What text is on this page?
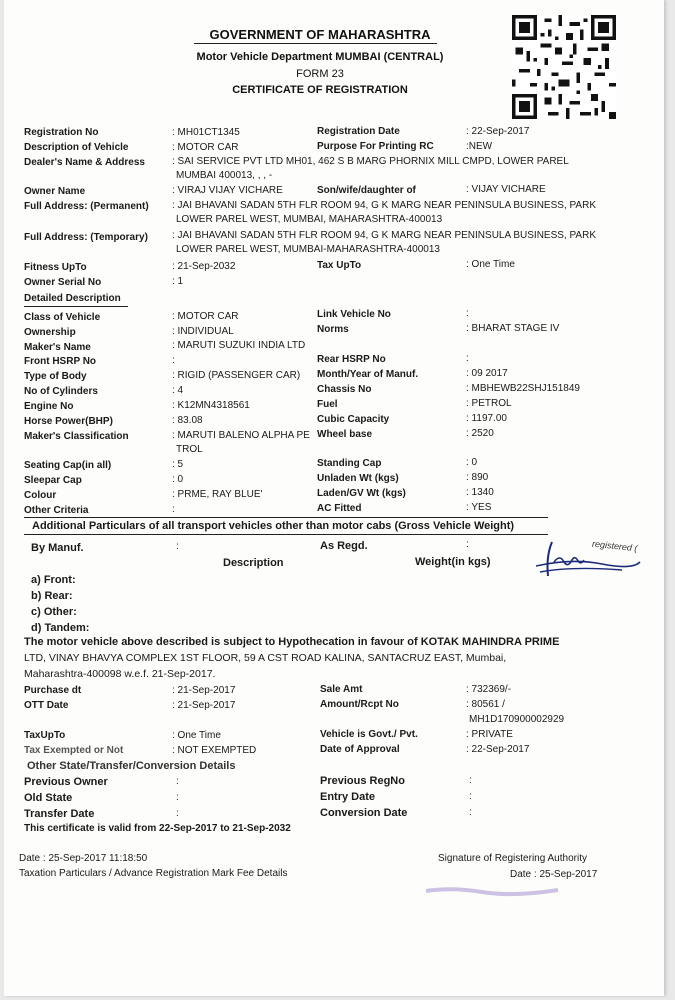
GOVERNMENT OF MAHARASHTRA
Motor Vehicle Department MUMBAI (CENTRAL)
FORM 23
CERTIFICATE OF REGISTRATION
Registration No	: MH01CT1345	Registration Date	: 22-Sep-2017
Description of Vehicle	: MOTOR CAR	Purpose For Printing RC	:NEW
Dealer's Name & Address	: SAI SERVICE PVT LTD MH01, 462 S B MARG PHORNIX MILL CMPD, LOWER PAREL
MUMBAI 400013, , , -
Owner Name	: VIRAJ VIJAY VICHARE	Son/wife/daughter of	: VIJAY VICHARE
Full Address: (Permanent) : JAI BHAVANI SADAN 5TH FLR ROOM 94, G K MARG NEAR PENINSULA BUSINESS, PARK
LOWER PAREL WEST, MUMBAI, MAHARASHTRA-400013
Full Address: (Temporary) : JAI BHAVANI SADAN 5TH FLR ROOM 94, G K MARG NEAR PENINSULA BUSINESS, PARK
LOWER PAREL WEST, MUMBAI-MAHARASHTRA-400013
Fitness UpTo	: 21-Sep-2032	Tax UpTo	: One Time
Owner Serial No	: 1
Detailed Description
Class of Vehicle	: MOTOR CAR	Link Vehicle No	:
Ownership	: INDIVIDUAL	Norms	: BHARAT STAGE IV
Maker's Name	: MARUTI SUZUKI INDIA LTD
Front HSRP No	:	Rear HSRP No	:
Type of Body	: RIGID (PASSENGER CAR) Month/Year of Manuf.	: 09 2017
No of Cylinders	: 4	Chassis No	: MBHEWB22SHJ151849
Engine No	: K12MN4318561	Fuel	: PETROL
Horse Power(BHP)	: 83.08	Cubic Capacity	: 1197.00
Maker's Classification	: MARUTI BALENO ALPHA PE
TROL
Wheel base	: 2520
Seating Cap(in all)	: 5	Standing Cap	: 0
Sleepar Cap	: 0	Unladen Wt (kgs)	: 890
Colour	: PRME, RAY BLUE'	Laden/GV Wt (kgs)	: 1340
Other Criteria	:	AC Fitted	: YES
Additional Particulars of all transport vehicles other than motor cabs (Gross Vehicle Weight)
By Manuf.	:	As Regd.	:
Description	Weight(in kgs)
a) Front:
b) Rear:
c) Other:
d) Tandem:
registered (
The motor vehicle above described is subject to Hypothecation in favour of KOTAK MAHINDRA PRIME
LTD, VINAY BHAVYA COMPLEX 1ST FLOOR, 59 A CST ROAD KALINA, SANTACRUZ EAST, Mumbai,
Maharashtra-400098 w.e.f. 21-Sep-2017.
Purchase dt	: 21-Sep-2017	Sale Amt	: 732369/-
OTT Date	: 21-Sep-2017	Amount/Rcpt No	: 80561 /
MH1D170900002929
TaxUpTo	: One Time	Vehicle is Govt./ Pvt.	: PRIVATE
Tax Exempted or Not	: NOT EXEMPTED	Date of Approval	: 22-Sep-2017
Other State/Transfer/Conversion Details
Previous Owner	:	Previous RegNo	:
Old State	:	Entry Date	:
Transfer Date	:	Conversion Date	:
This certificate is valid from 22-Sep-2017 to 21-Sep-2032
Date : 25-Sep-2017 11:18:50
Taxation Particulars / Advance Registration Mark Fee Details
Signature of Registering Authority
Date : 25-Sep-2017
